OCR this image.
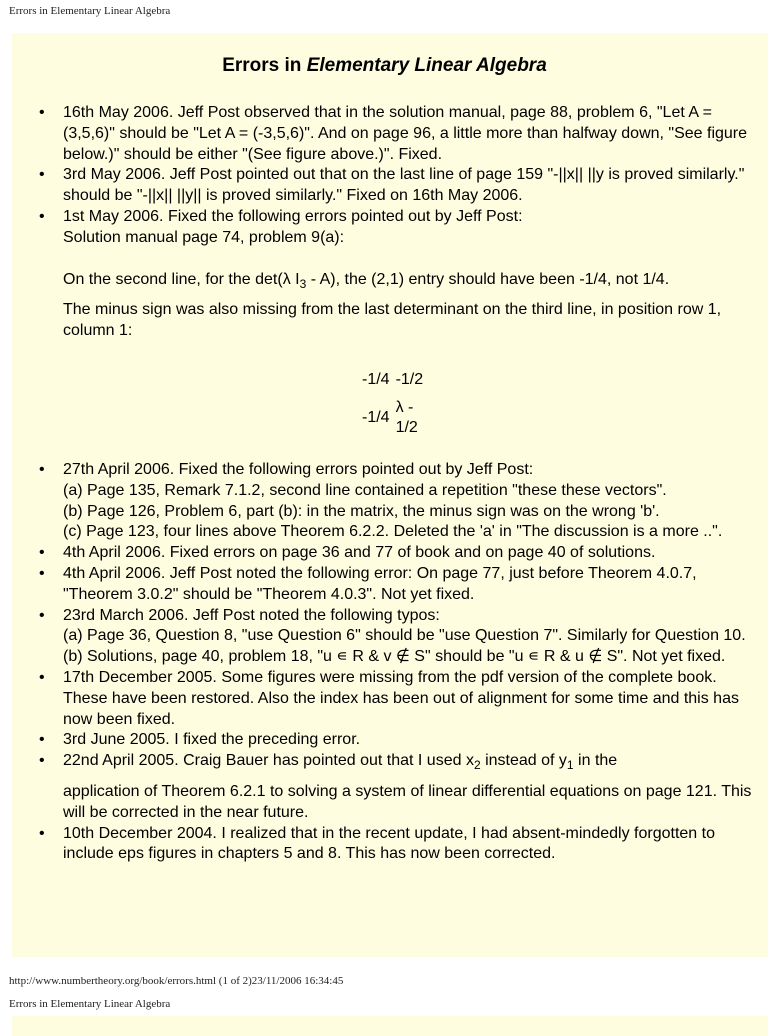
Errors in Elementary Linear Algebra
Errors in Elementary Linear Algebra
• 16th May 2006. Jeff Post observed that in the solution manual, page 88, problem 6, "Let A = (3,5,6)" should be "Let A = (-3,5,6)". And on page 96, a little more than halfway down, "See figure below.)" should be either "(See figure above.)". Fixed.
• 3rd May 2006. Jeff Post pointed out that on the last line of page 159 "-||x|| ||y is proved similarly." should be "-||x|| ||y|| is proved similarly." Fixed on 16th May 2006.
• 1st May 2006. Fixed the following errors pointed out by Jeff Post:
Solution manual page 74, problem 9(a):
On the second line, for the det(λ $I_3 - A$), the (2,1) entry should have been -1/4, not 1/4.
The minus sign was also missing from the last determinant on the third line, in position row 1, column 1:
-1/4	-1/2
-1/4	λ - 1/2
• 27th April 2006. Fixed the following errors pointed out by Jeff Post:
(a) Page 135, Remark 7.1.2, second line contained a repetition "these these vectors".
(b) Page 126, Problem 6, part (b): in the matrix, the minus sign was on the wrong 'b'.
(c) Page 123, four lines above Theorem 6.2.2. Deleted the 'a' in "The discussion is a more ..".
• 4th April 2006. Fixed errors on page 36 and 77 of book and on page 40 of solutions.
• 4th April 2006. Jeff Post noted the following error: On page 77, just before Theorem 4.0.7, "Theorem 3.0.2" should be "Theorem 4.0.3". Not yet fixed.
• 23rd March 2006. Jeff Post noted the following typos:
(a) Page 36, Question 8, "use Question 6" should be "use Question 7". Similarly for Question 10.
(b) Solutions, page 40, problem 18, "u ∊ R & v ∉ S" should be "u ∊ R & u ∉ S". Not yet fixed.
• 17th December 2005. Some figures were missing from the pdf version of the complete book. These have been restored. Also the index has been out of alignment for some time and this has now been fixed.
• 3rd June 2005. I fixed the preceding error.
• 22nd April 2005. Craig Bauer has pointed out that I used $x_2$ instead of $y_1$ in the
application of Theorem 6.2.1 to solving a system of linear differential equations on page 121. This will be corrected in the near future.
• 10th December 2004. I realized that in the recent update, I had absent-mindedly forgotten to include eps figures in chapters 5 and 8. This has now been corrected.
http://www.numbertheory.org/book/errors.html (1 of 2)23/11/2006 16:34:45
Errors in Elementary Linear Algebra
